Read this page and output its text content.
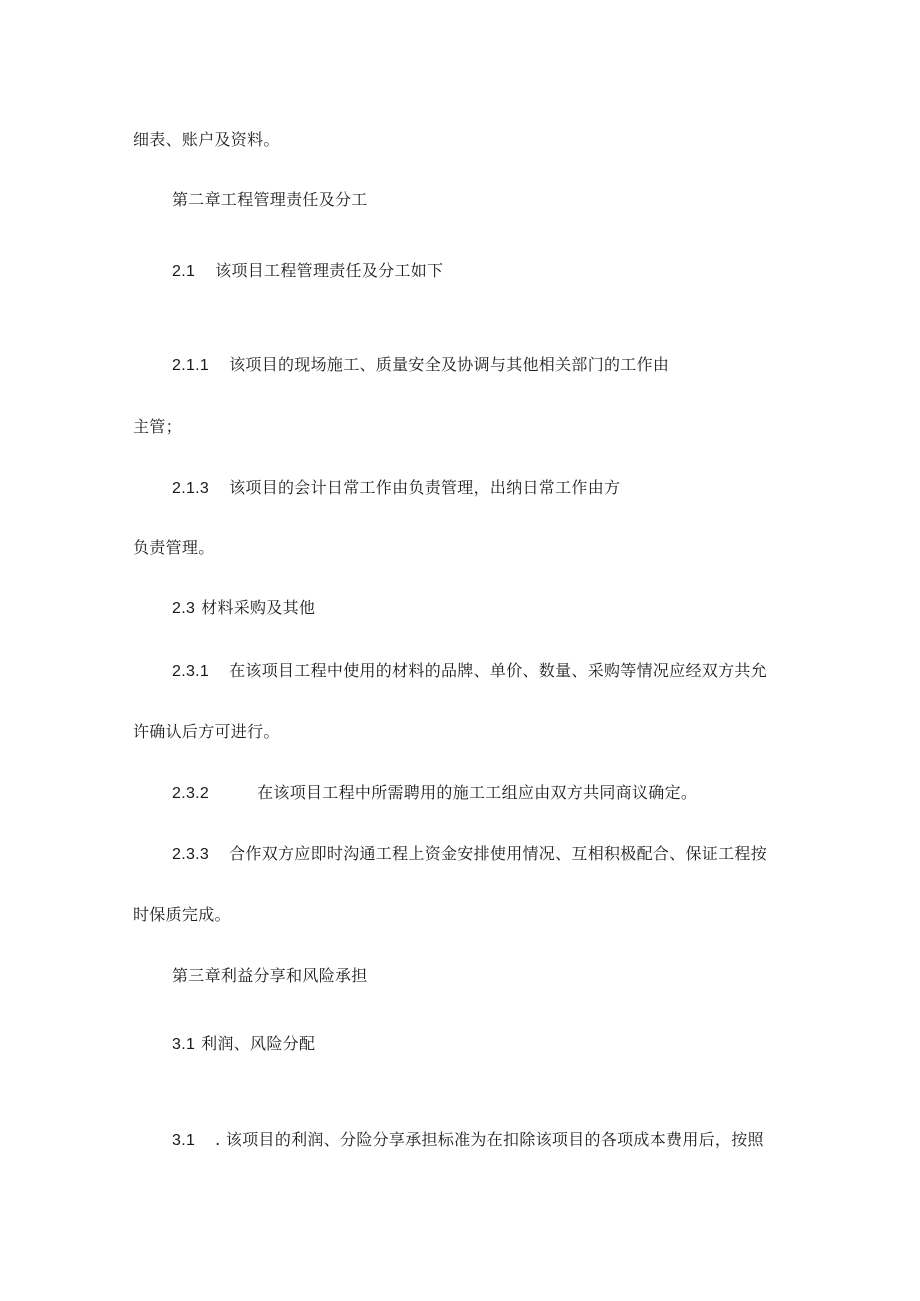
细表、账户及资料。
第二章工程管理责任及分工
2.1 该项目工程管理责任及分工如下
2.1.1 该项目的现场施工、质量安全及协调与其他相关部门的工作由
主管；
2.1.3 该项目的会计日常工作由负责管理，出纳日常工作由方
负责管理。
2.3 材料采购及其他
2.3.1 在该项目工程中使用的材料的品牌、单价、数量、采购等情况应经双方共允
许确认后方可进行。
2.3.2	在该项目工程中所需聘用的施工工组应由双方共同商议确定。
2.3.3 合作双方应即时沟通工程上资金安排使用情况、互相积极配合、保证工程按
时保质完成。
第三章利益分享和风险承担
3.1 利润、风险分配
3.1 . 该项目的利润、分险分享承担标准为在扣除该项目的各项成本费用后，按照
